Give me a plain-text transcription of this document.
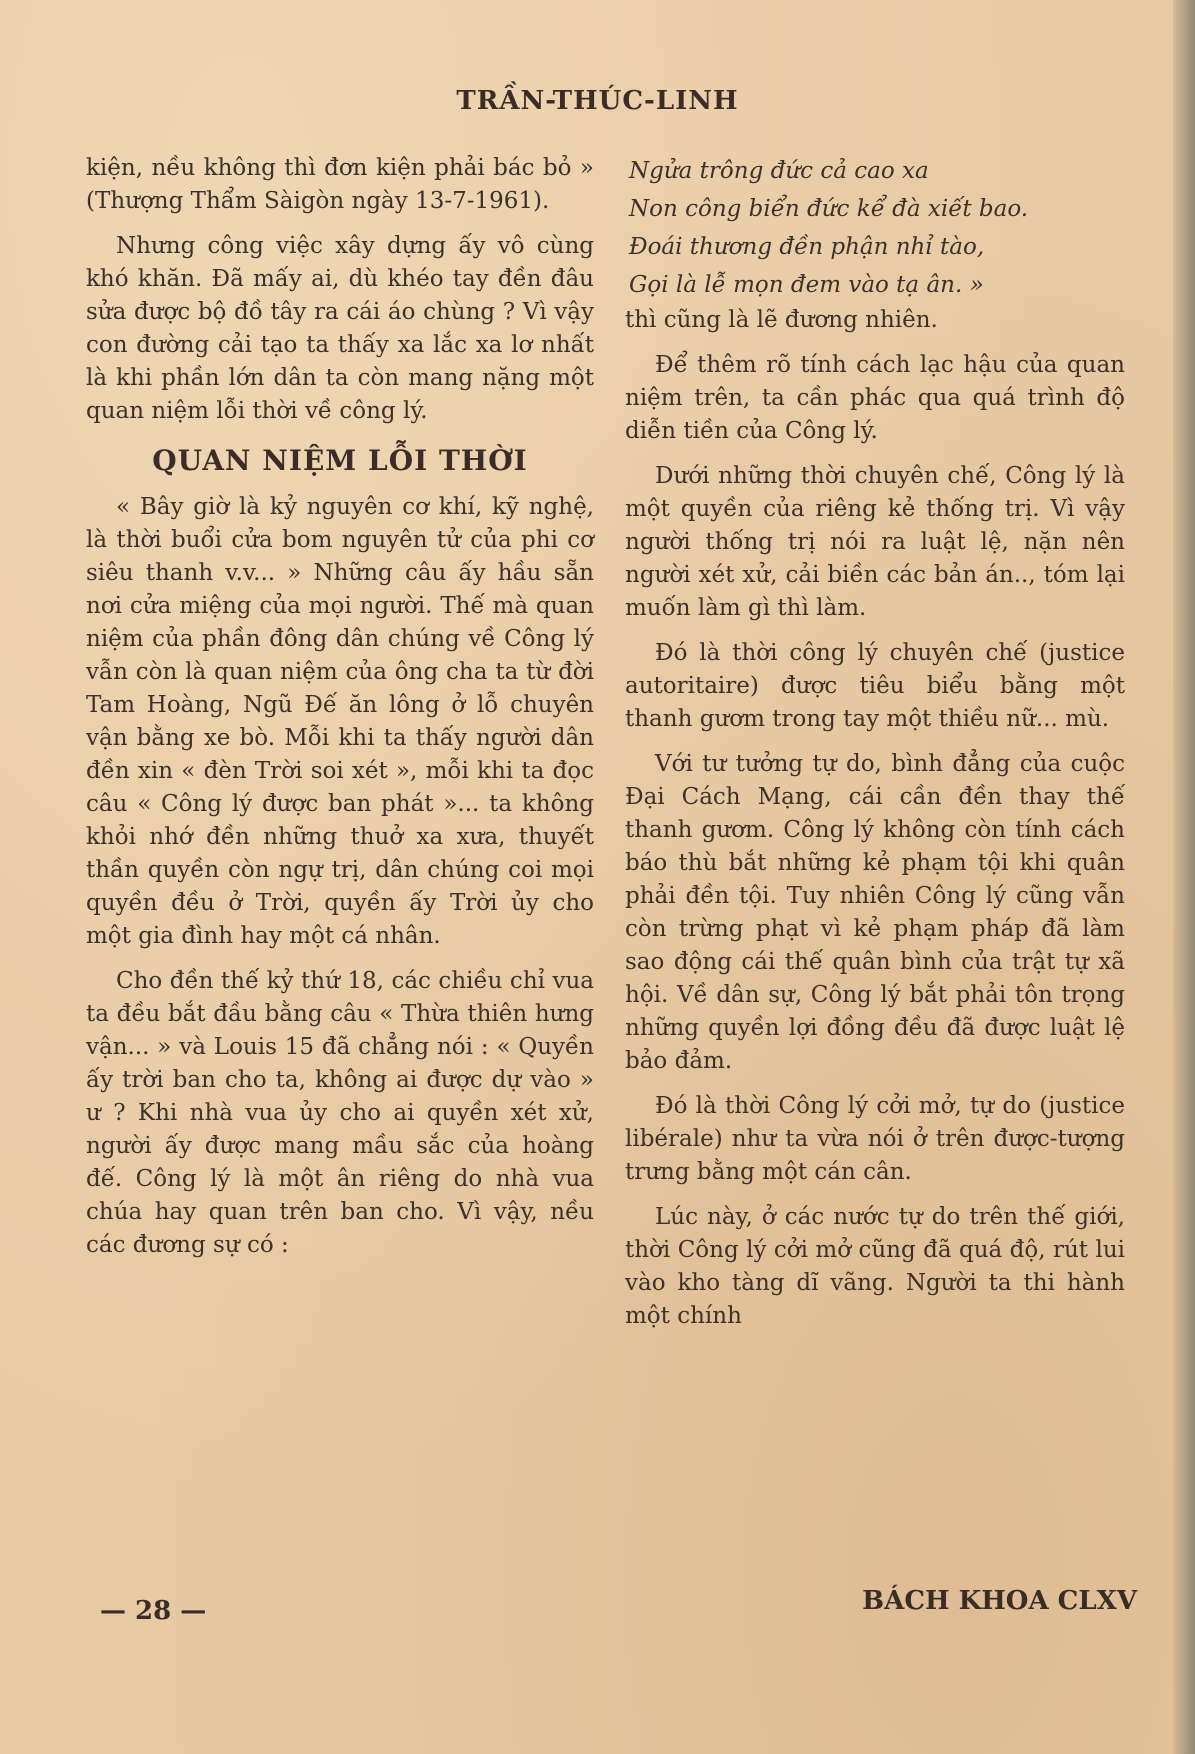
TRẦN-THÚC-LINH

kiện, nều không thì đơn kiện phải bác bỏ » (Thượng Thẩm Sàigòn ngày 13-7-1961).

Nhưng công việc xây dựng ấy vô cùng khó khăn. Đã mấy ai, dù khéo tay đền đâu sửa được bộ đồ tây ra cái áo chùng ? Vì vậy con đường cải tạo ta thấy xa lắc xa lơ nhất là khi phần lớn dân ta còn mang nặng một quan niệm lỗi thời về công lý.

QUAN NIỆM LỖI THỜI

« Bây giờ là kỷ nguyên cơ khí, kỹ nghệ, là thời buổi cửa bom nguyên tử của phi cơ siêu thanh v.v... » Những câu ấy hầu sẵn nơi cửa miệng của mọi người. Thế mà quan niệm của phần đông dân chúng về Công lý vẫn còn là quan niệm của ông cha ta từ đời Tam Hoàng, Ngũ Đế ăn lông ở lỗ chuyên vận bằng xe bò. Mỗi khi ta thấy người dân đền xin « đèn Trời soi xét », mỗi khi ta đọc câu « Công lý được ban phát »... ta không khỏi nhớ đền những thuở xa xưa, thuyết thần quyền còn ngự trị, dân chúng coi mọi quyền đều ở Trời, quyền ấy Trời ủy cho một gia đình hay một cá nhân.

Cho đền thế kỷ thứ 18, các chiều chỉ vua ta đều bắt đầu bằng câu « Thừa thiên hưng vận... » và Louis 15 đã chẳng nói : « Quyền ấy trời ban cho ta, không ai được dự vào » ư ? Khi nhà vua ủy cho ai quyền xét xử, người ấy được mang mầu sắc của hoàng đế. Công lý là một ân riêng do nhà vua chúa hay quan trên ban cho. Vì vậy, nều các đương sự có :

Ngửa trông đức cả cao xa
Non công biển đức kể đà xiết bao.
Đoái thương đền phận nhỉ tào,
Gọi là lễ mọn đem vào tạ ân. »

thì cũng là lẽ đương nhiên.

Để thêm rõ tính cách lạc hậu của quan niệm trên, ta cần phác qua quá trình độ diễn tiền của Công lý.

Dưới những thời chuyên chế, Công lý là một quyền của riêng kẻ thống trị. Vì vậy người thống trị nói ra luật lệ, nặn nên người xét xử, cải biền các bản án.., tóm lại muốn làm gì thì làm.

Đó là thời công lý chuyên chế (justice autoritaire) được tiêu biểu bằng một thanh gươm trong tay một thiều nữ... mù.

Với tư tưởng tự do, bình đẳng của cuộc Đại Cách Mạng, cái cần đền thay thế thanh gươm. Công lý không còn tính cách báo thù bắt những kẻ phạm tội khi quân phải đền tội. Tuy nhiên Công lý cũng vẫn còn trừng phạt vì kẻ phạm pháp đã làm sao động cái thế quân bình của trật tự xã hội. Về dân sự, Công lý bắt phải tôn trọng những quyền lợi đồng đều đã được luật lệ bảo đảm.

Đó là thời Công lý cởi mở, tự do (justice libérale) như ta vừa nói ở trên được-tượng trưng bằng một cán cân.

Lúc này, ở các nước tự do trên thế giới, thời Công lý cởi mở cũng đã quá độ, rút lui vào kho tàng dĩ vãng. Người ta thi hành một chính

— 28 —	BÁCH KHOA CLXV
